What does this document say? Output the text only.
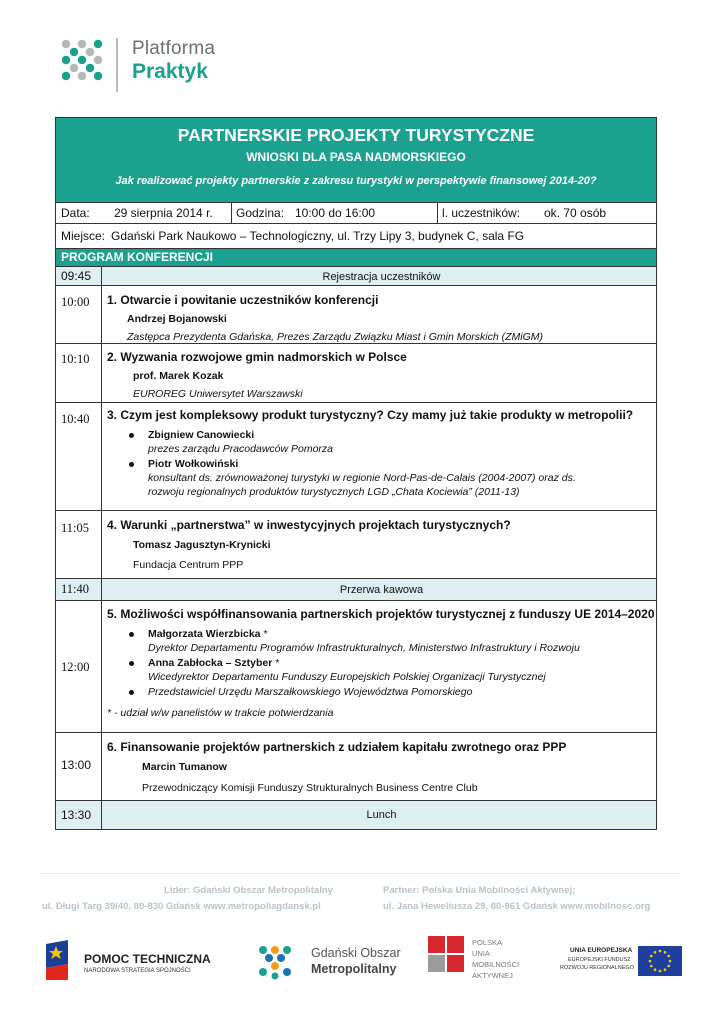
Platforma
Praktyk
PARTNERSKIE PROJEKTY TURYSTYCZNE
WNIOSKI DLA PASA NADMORSKIEGO
Jak realizować projekty partnerskie z zakresu turystyki w perspektywie finansowej 2014-20?
Data:	29 sierpnia 2014 r.	Godzina: 10:00 do 16:00	l. uczestników:	ok. 70 osób
Miejsce: Gdański Park Naukowo – Technologiczny, ul. Trzy Lipy 3, budynek C, sala FG
PROGRAM KONFERENCJI
09:45	Rejestracja uczestników
10:00	1. Otwarcie i powitanie uczestników konferencji
Andrzej Bojanowski
Zastępca Prezydenta Gdańska, Prezes Zarządu Związku Miast i Gmin Morskich (ZMiGM)
10:10	2. Wyzwania rozwojowe gmin nadmorskich w Polsce
prof. Marek Kozak
EUROREG Uniwersytet Warszawski
10:40	3. Czym jest kompleksowy produkt turystyczny? Czy mamy już takie produkty w metropolii?
Zbigniew Canowiecki
prezes zarządu Pracodawców Pomorza
Piotr Wołkowiński
konsultant ds. zrównoważonej turystyki w regionie Nord-Pas-de-Calais (2004-2007) oraz ds.
rozwoju regionalnych produktów turystycznych LGD „Chata Kociewia” (2011-13)
11:05	4. Warunki „partnerstwa” w inwestycyjnych projektach turystycznych?
Tomasz Jagusztyn-Krynicki
Fundacja Centrum PPP
11:40	Przerwa kawowa
12:00
5. Możliwości współfinansowania partnerskich projektów turystycznej z funduszy UE 2014–2020
Małgorzata Wierzbicka *
Dyrektor Departamentu Programów Infrastrukturalnych, Ministerstwo Infrastruktury i Rozwoju
Anna Zabłocka – Sztyber *
Wicedyrektor Departamentu Funduszy Europejskich Polskiej Organizacji Turystycznej
Przedstawiciel Urzędu Marszałkowskiego Województwa Pomorskiego
* - udział w/w panelistów w trakcie potwierdzania
13:00
6. Finansowanie projektów partnerskich z udziałem kapitału zwrotnego oraz PPP
Marcin Tumanow
Przewodniczący Komisji Funduszy Strukturalnych Business Centre Club
13:30	Lunch
Lider: Gdański Obszar Metropolitalny
ul. Długi Targ 39/40, 80-830 Gdańsk www.metropoliagdansk.pl
Partner: Polska Unia Mobilności Aktywnej;
ul. Jana Heweliusza 29, 80-861 Gdańsk www.mobilnosc.org
POMOC TECHNICZNA
NARODOWA STRATEGIA SPÓJNOŚCI
Gdański Obszar
Metropolitalny
POLSKA
UNIA
MOBILNOŚCI
AKTYWNEJ
UNIA EUROPEJSKA
EUROPEJSKI FUNDUSZ
ROZWOJU REGIONALNEGO
